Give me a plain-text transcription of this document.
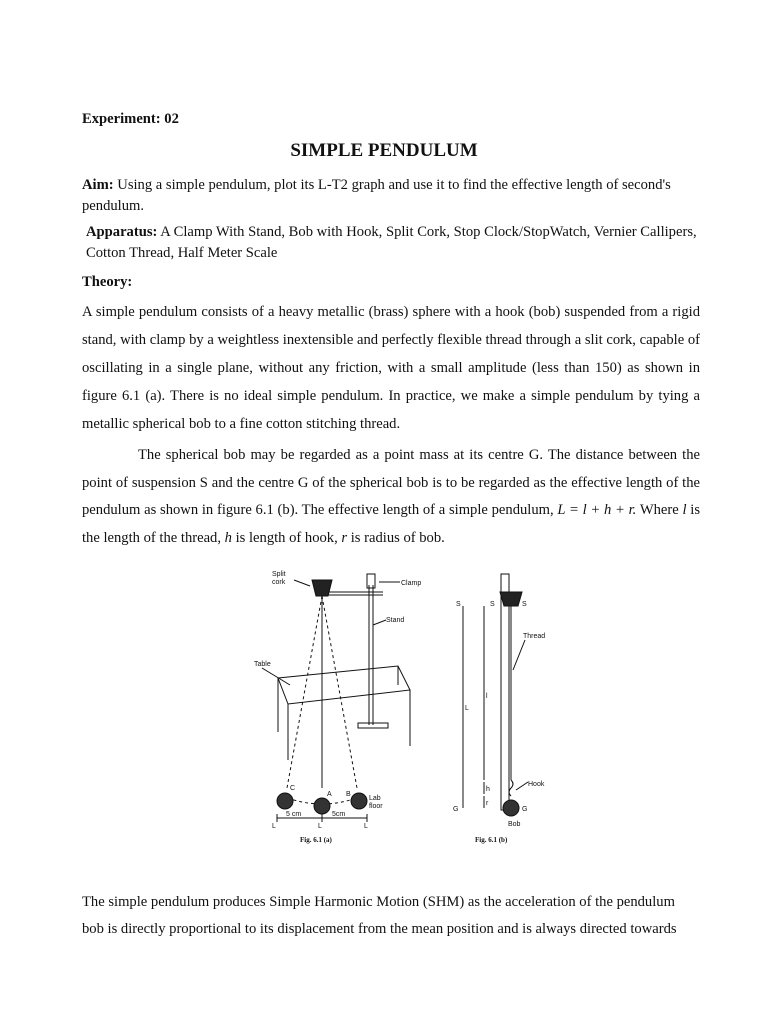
Experiment: 02
SIMPLE PENDULUM
Aim: Using a simple pendulum, plot its L-T2 graph and use it to find the effective length of second's pendulum.
Apparatus: A Clamp With Stand, Bob with Hook, Split Cork, Stop Clock/StopWatch, Vernier Callipers, Cotton Thread, Half Meter Scale
Theory:
A simple pendulum consists of a heavy metallic (brass) sphere with a hook (bob) suspended from a rigid stand, with clamp by a weightless inextensible and perfectly flexible thread through a slit cork, capable of oscillating in a single plane, without any friction, with a small amplitude (less than 150) as shown in figure 6.1 (a). There is no ideal simple pendulum. In practice, we make a simple pendulum by tying a metallic spherical bob to a fine cotton stitching thread.
The spherical bob may be regarded as a point mass at its centre G. The distance between the point of suspension S and the centre G of the spherical bob is to be regarded as the effective length of the pendulum as shown in figure 6.1 (b). The effective length of a simple pendulum, L = l + h + r. Where l is the length of the thread, h is length of hook, r is radius of bob.
Split
cork	Clamp
Stand
Table
Lab
floor
C
A B
5 cm	5cm
L	L	L
Fig. 6.1 (a)
S	S	S
Thread
L
l
Hook
h
r
G	G
Bob
Fig. 6.1 (b)
The simple pendulum produces Simple Harmonic Motion (SHM) as the acceleration of the pendulum bob is directly proportional to its displacement from the mean position and is always directed towards
